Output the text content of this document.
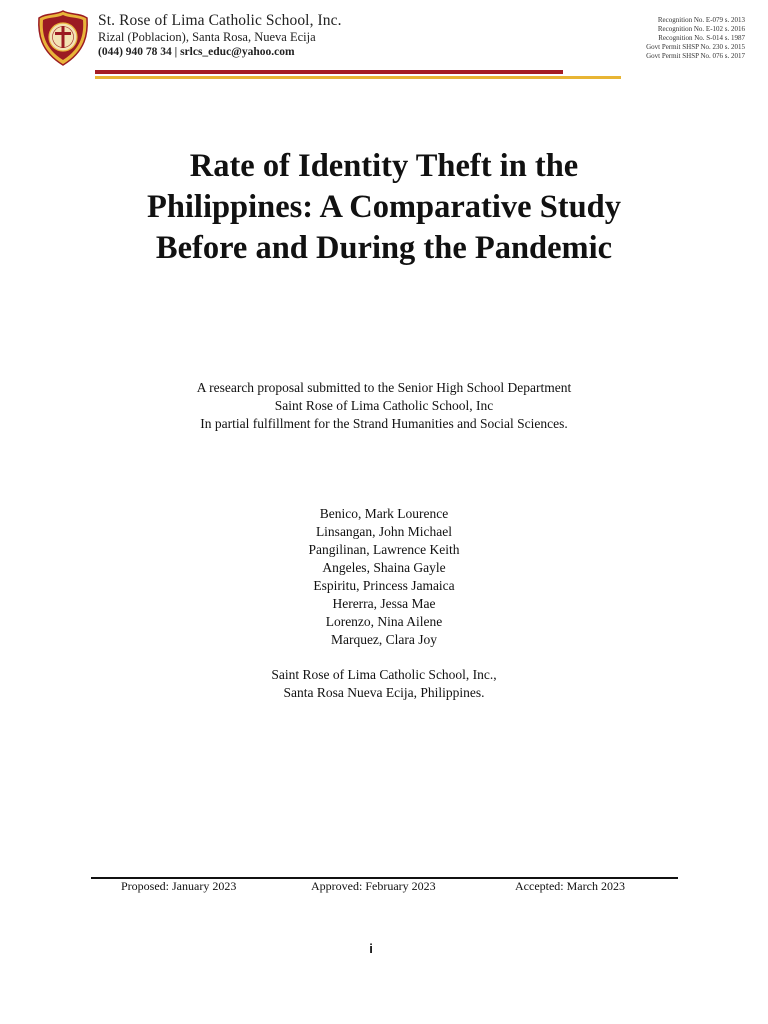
St. Rose of Lima Catholic School, Inc.
Rizal (Poblacion), Santa Rosa, Nueva Ecija
(044) 940 78 34 | srlcs_educ@yahoo.com
Recognition No. E-079 s. 2013
Recognition No. E-102 s. 2016
Recognition No. S-014 s. 1987
Govt Permit SHSP No. 230 s. 2015
Govt Permit SHSP No. 076 s. 2017
Rate of Identity Theft in the
Philippines: A Comparative Study
Before and During the Pandemic
A research proposal submitted to the Senior High School Department
Saint Rose of Lima Catholic School, Inc
In partial fulfillment for the Strand Humanities and Social Sciences.
Benico, Mark Lourence
Linsangan, John Michael
Pangilinan, Lawrence Keith
Angeles, Shaina Gayle
Espiritu, Princess Jamaica
Hererra, Jessa Mae
Lorenzo, Nina Ailene
Marquez, Clara Joy
Saint Rose of Lima Catholic School, Inc.,
Santa Rosa Nueva Ecija, Philippines.
Proposed: January 2023	Approved: February 2023	Accepted: March 2023
i
